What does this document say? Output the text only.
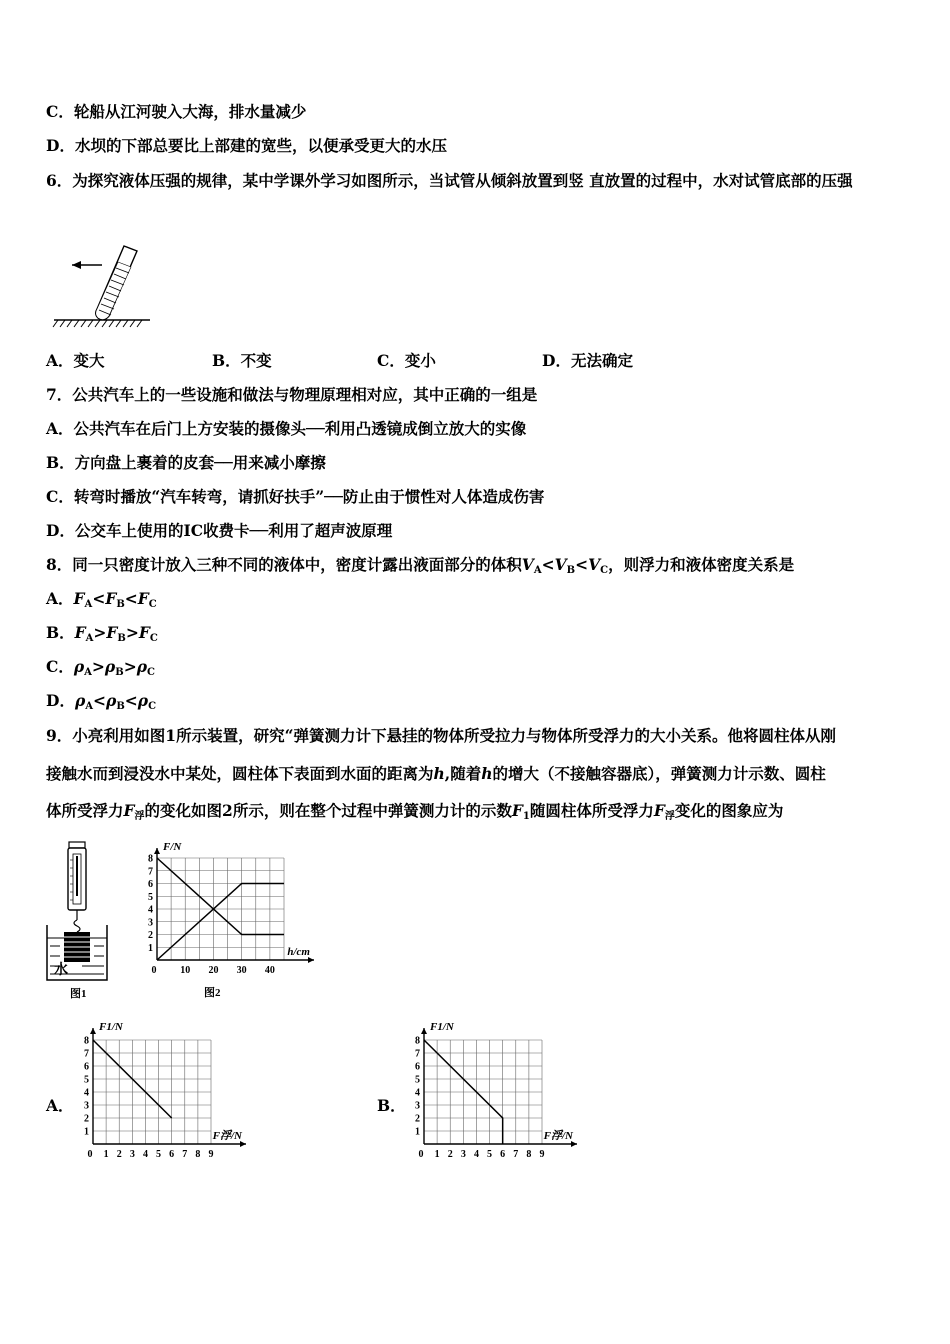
C．轮船从江河驶入大海，排水量减少
D．水坝的下部总要比上部建的宽些，以便承受更大的水压
6．为探究液体压强的规律，某中学课外学习如图所示，当试管从倾斜放置到竖 直放置的过程中，水对试管底部的压强
A．变大	B．不变	C．变小	D．无法确定
7．公共汽车上的一些设施和做法与物理原理相对应，其中正确的一组是
A．公共汽车在后门上方安装的摄像头──利用凸透镜成倒立放大的实像
B．方向盘上裹着的皮套──用来减小摩擦
C．转弯时播放“汽车转弯，请抓好扶手”──防止由于惯性对人体造成伤害
D．公交车上使用的IC收费卡──利用了超声波原理
8．同一只密度计放入三种不同的液体中，密度计露出液面部分的体积$V_A<V_B<V_C$，则浮力和液体密度关系是
A．$F_A<F_B<F_C$
B．$F_A>F_B>F_C$
C．$\rho_A>\rho_B>\rho_C$
D．$\rho_A<\rho_B<\rho_C$
9．小亮利用如图1所示装置，研究“弹簧测力计下悬挂的物体所受拉力与物体所受浮力的大小关系。他将圆柱体从刚
接触水而到浸没水中某处，圆柱体下表面到水面的距离为h,随着h的增大（不接触容器底），弹簧测力计示数、圆柱
体所受浮力$F_浮$的变化如图2所示，则在整个过程中弹簧测力计的示数$F_1$随圆柱体所受浮力$F_浮$变化的图象应为
水
图1
1
2
3
4
5
6
7
8
0 10 20 30 40
F/N
h/cm
图2
A．
1
2
3
4
5
6
7
8
0 1 2 3 4 5 6 7 8 9
F1/N
F浮/N
B．
1
2
3
4
5
6
7
8
0 1 2 3 4 5 6 7 8 9
F1/N
F浮/N
